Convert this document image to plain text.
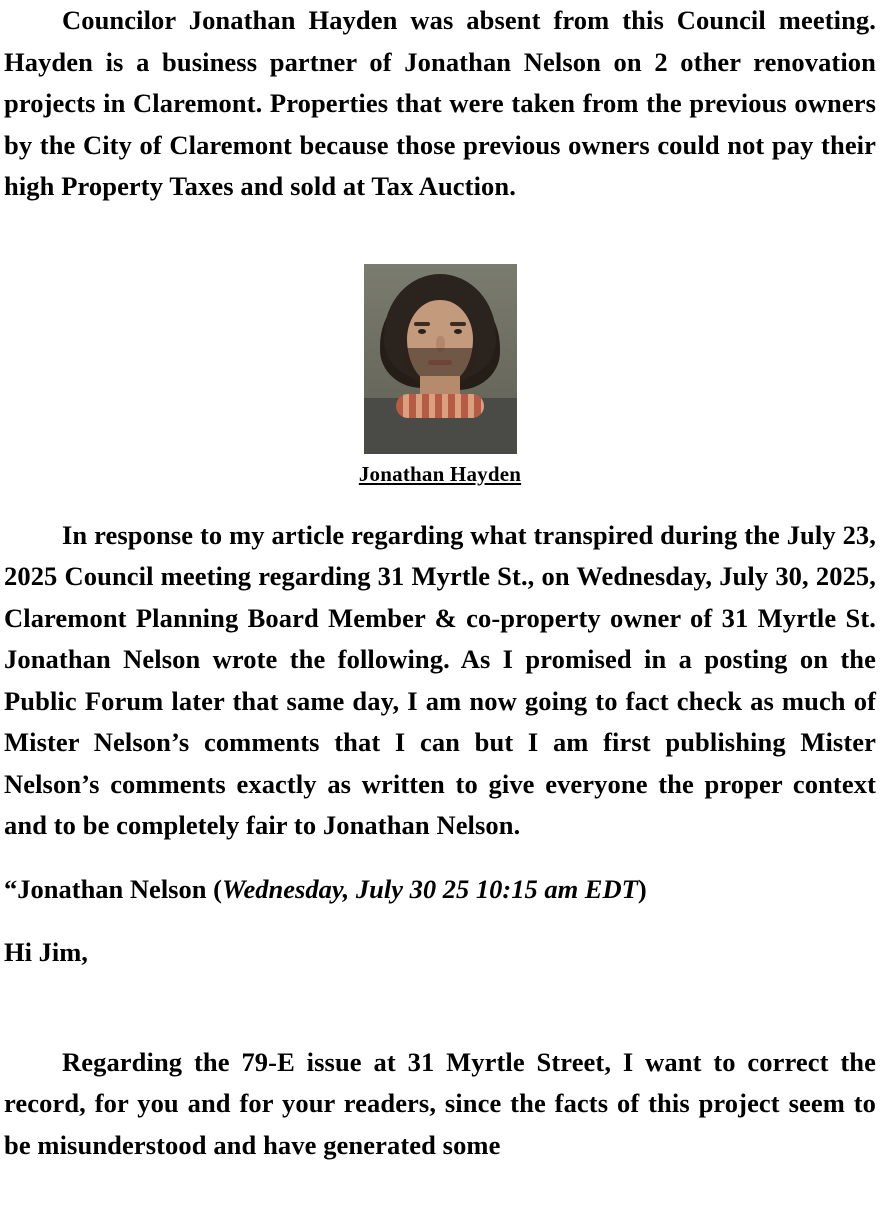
Councilor Jonathan Hayden was absent from this Council meeting. Hayden is a business partner of Jonathan Nelson on 2 other renovation projects in Claremont. Properties that were taken from the previous owners by the City of Claremont because those previous owners could not pay their high Property Taxes and sold at Tax Auction.

Jonathan Hayden

In response to my article regarding what transpired during the July 23, 2025 Council meeting regarding 31 Myrtle St., on Wednesday, July 30, 2025, Claremont Planning Board Member & co-property owner of 31 Myrtle St. Jonathan Nelson wrote the following. As I promised in a posting on the Public Forum later that same day, I am now going to fact check as much of Mister Nelson’s comments that I can but I am first publishing Mister Nelson’s comments exactly as written to give everyone the proper context and to be completely fair to Jonathan Nelson.

“Jonathan Nelson (Wednesday, July 30 25 10:15 am EDT)

Hi Jim,

Regarding the 79-E issue at 31 Myrtle Street, I want to correct the record, for you and for your readers, since the facts of this project seem to be misunderstood and have generated some
